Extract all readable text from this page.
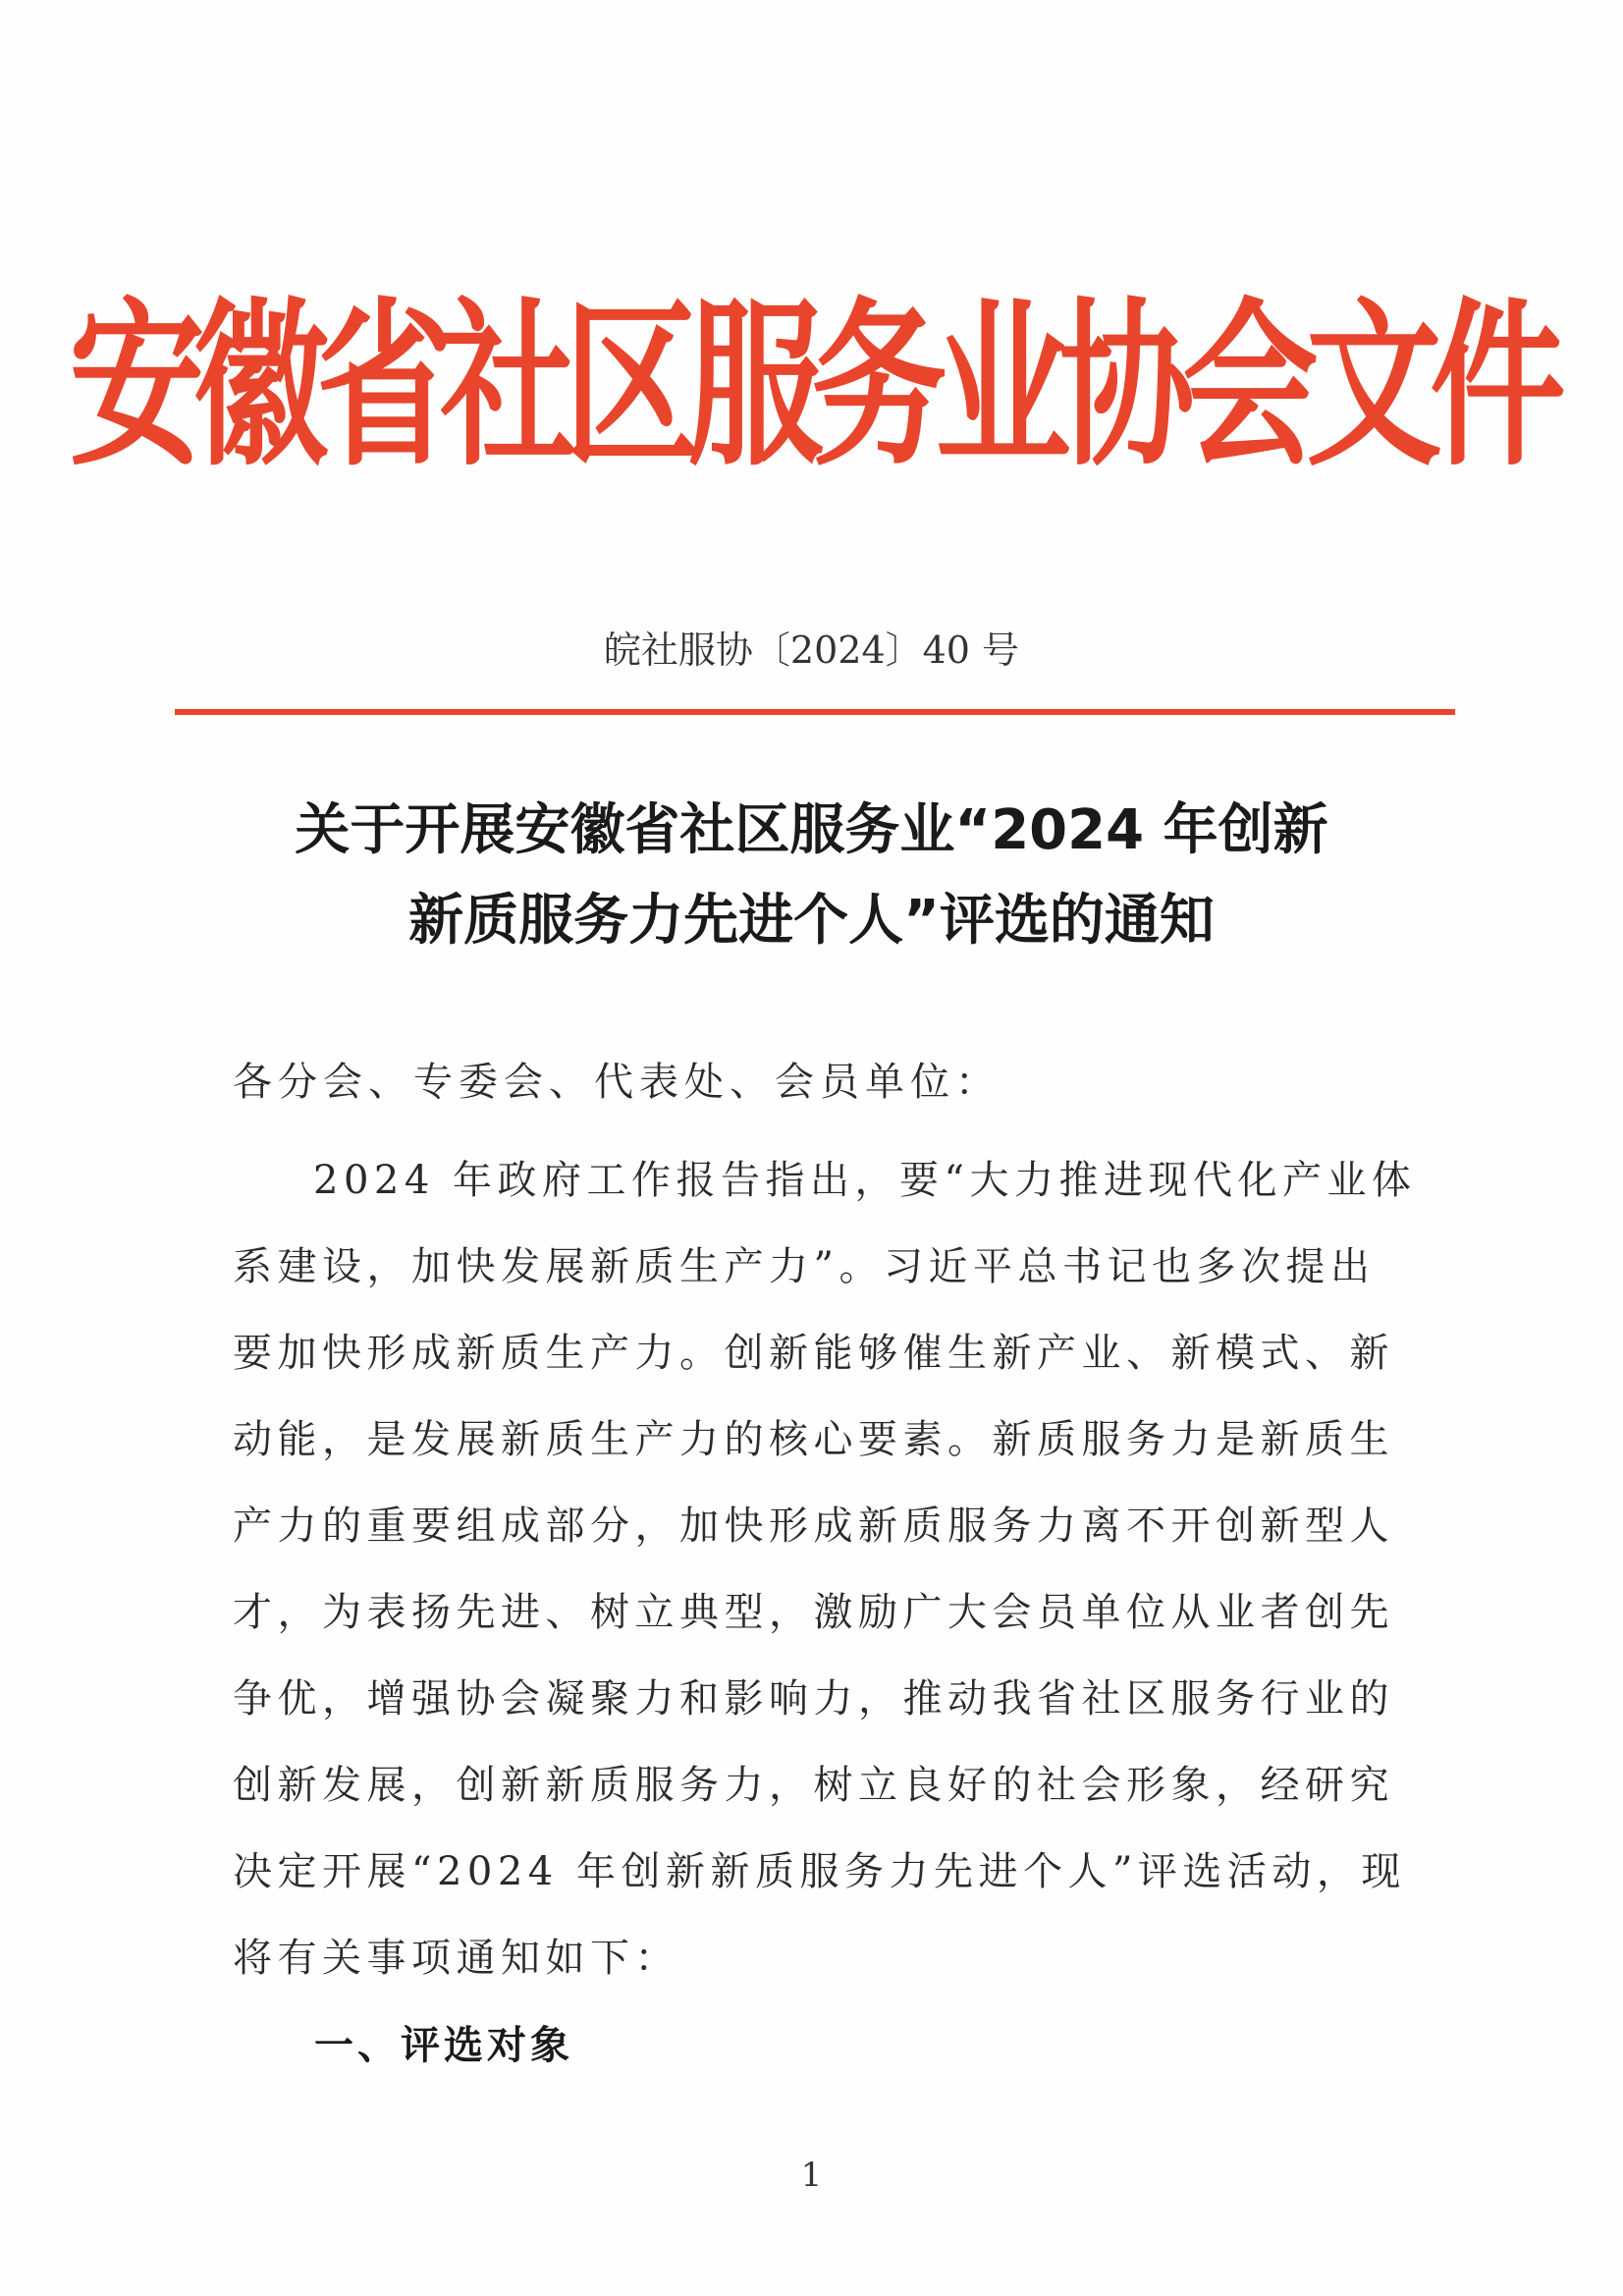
安徽省社区服务业协会文件
皖社服协〔2024〕40 号
关于开展安徽省社区服务业“2024 年创新
新质服务力先进个人”评选的通知
各分会、专委会、代表处、会员单位：
2024 年政府工作报告指出，要“大力推进现代化产业体
系建设，加快发展新质生产力”。习近平总书记也多次提出
要加快形成新质生产力。创新能够催生新产业、新模式、新
动能，是发展新质生产力的核心要素。新质服务力是新质生
产力的重要组成部分，加快形成新质服务力离不开创新型人
才，为表扬先进、树立典型，激励广大会员单位从业者创先
争优，增强协会凝聚力和影响力，推动我省社区服务行业的
创新发展，创新新质服务力，树立良好的社会形象，经研究
决定开展“2024 年创新新质服务力先进个人”评选活动，现
将有关事项通知如下：
一、评选对象
1
